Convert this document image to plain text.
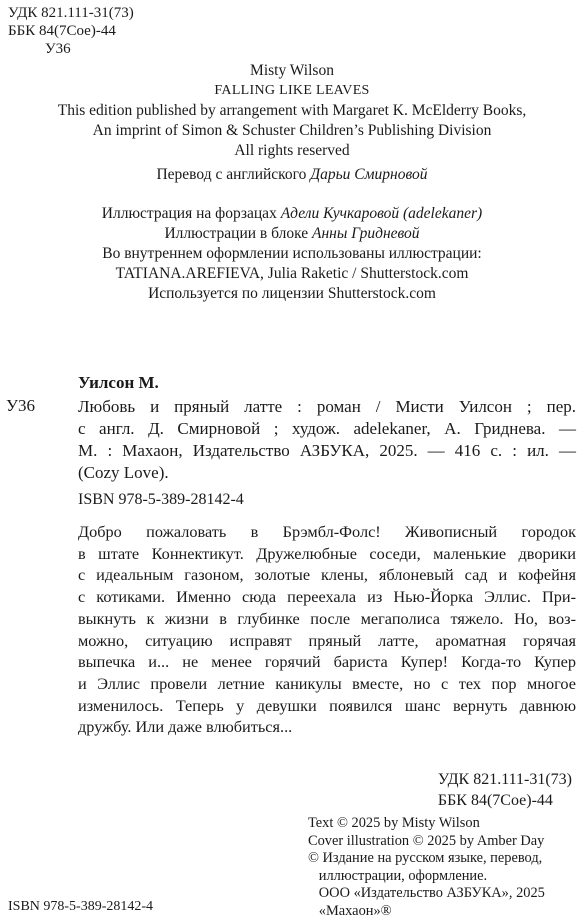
УДК 821.111-31(73)
ББК 84(7Сое)-44
У36
Misty Wilson
FALLING LIKE LEAVES
This edition published by arrangement with Margaret K. McElderry Books,
An imprint of Simon & Schuster Children’s Publishing Division
All rights reserved
Перевод с английского Дарьи Смирновой
Иллюстрация на форзацах Адели Кучкаровой (adelekaner)
Иллюстрации в блоке Анны Гридневой
Во внутреннем оформлении использованы иллюстрации:
TATIANA.AREFIEVA, Julia Raketic / Shutterstock.com
Используется по лицензии Shutterstock.com
Уилсон М.
У36	Любовь и пряный латте : роман / Мисти Уилсон ; пер.
с англ. Д. Смирновой ; худож. adelekaner, А. Гриднева. —
М. : Махаон, Издательство АЗБУКА, 2025. — 416 с. : ил. —
(Cozy Love).
ISBN 978-5-389-28142-4
Добро пожаловать в Брэмбл-Фолс! Живописный городок
в штате Коннектикут. Дружелюбные соседи, маленькие дворики
с идеальным газоном, золотые клены, яблоневый сад и кофейня
с котиками. Именно сюда переехала из Нью-Йорка Эллис. При-
выкнуть к жизни в глубинке после мегаполиса тяжело. Но, воз-
можно, ситуацию исправят пряный латте, ароматная горячая
выпечка и... не менее горячий бариста Купер! Когда-то Купер
и Эллис провели летние каникулы вместе, но с тех пор многое
изменилось. Теперь у девушки появился шанс вернуть давнюю
дружбу. Или даже влюбиться...
УДК 821.111-31(73)
ББК 84(7Сое)-44
Text © 2025 by Misty Wilson
Cover illustration © 2025 by Amber Day
© Издание на русском языке, перевод,
иллюстрации, оформление.
ООО «Издательство АЗБУКА», 2025
«Махаон»®
ISBN 978-5-389-28142-4
